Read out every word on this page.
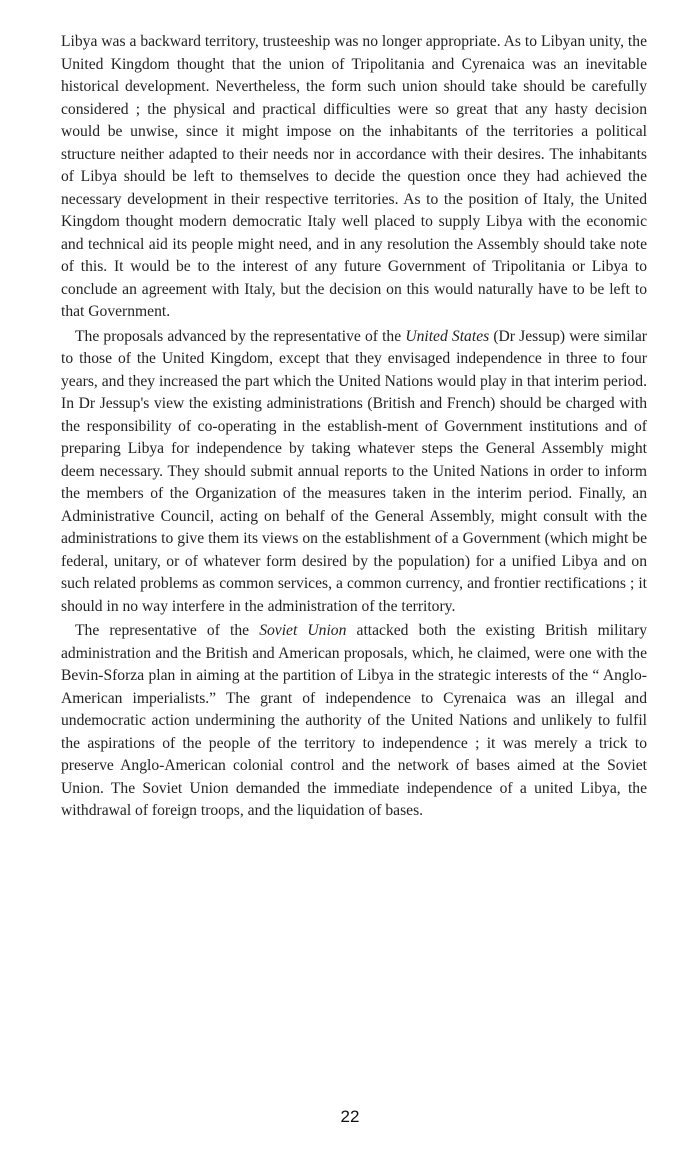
Libya was a backward territory, trusteeship was no longer appropriate. As to Libyan unity, the United Kingdom thought that the union of Tripolitania and Cyrenaica was an inevitable historical development. Nevertheless, the form such union should take should be carefully considered ; the physical and practical difficulties were so great that any hasty decision would be unwise, since it might impose on the inhabitants of the territories a political structure neither adapted to their needs nor in accordance with their desires. The inhabitants of Libya should be left to themselves to decide the question once they had achieved the necessary development in their respective territories. As to the position of Italy, the United Kingdom thought modern democratic Italy well placed to supply Libya with the economic and technical aid its people might need, and in any resolution the Assembly should take note of this. It would be to the interest of any future Government of Tripolitania or Libya to conclude an agreement with Italy, but the decision on this would naturally have to be left to that Government.

The proposals advanced by the representative of the United States (Dr Jessup) were similar to those of the United Kingdom, except that they envisaged independence in three to four years, and they increased the part which the United Nations would play in that interim period. In Dr Jessup's view the existing administrations (British and French) should be charged with the responsibility of co-operating in the establish-ment of Government institutions and of preparing Libya for independence by taking whatever steps the General Assembly might deem necessary. They should submit annual reports to the United Nations in order to inform the members of the Organization of the measures taken in the interim period. Finally, an Administrative Council, acting on behalf of the General Assembly, might consult with the administrations to give them its views on the establishment of a Government (which might be federal, unitary, or of whatever form desired by the population) for a unified Libya and on such related problems as common services, a common currency, and frontier rectifications ; it should in no way interfere in the administration of the territory.

The representative of the Soviet Union attacked both the existing British military administration and the British and American proposals, which, he claimed, were one with the Bevin-Sforza plan in aiming at the partition of Libya in the strategic interests of the “ Anglo-American imperialists.” The grant of independence to Cyrenaica was an illegal and undemocratic action undermining the authority of the United Nations and unlikely to fulfil the aspirations of the people of the territory to independence ; it was merely a trick to preserve Anglo-American colonial control and the network of bases aimed at the Soviet Union. The Soviet Union demanded the immediate independence of a united Libya, the withdrawal of foreign troops, and the liquidation of bases.

22
